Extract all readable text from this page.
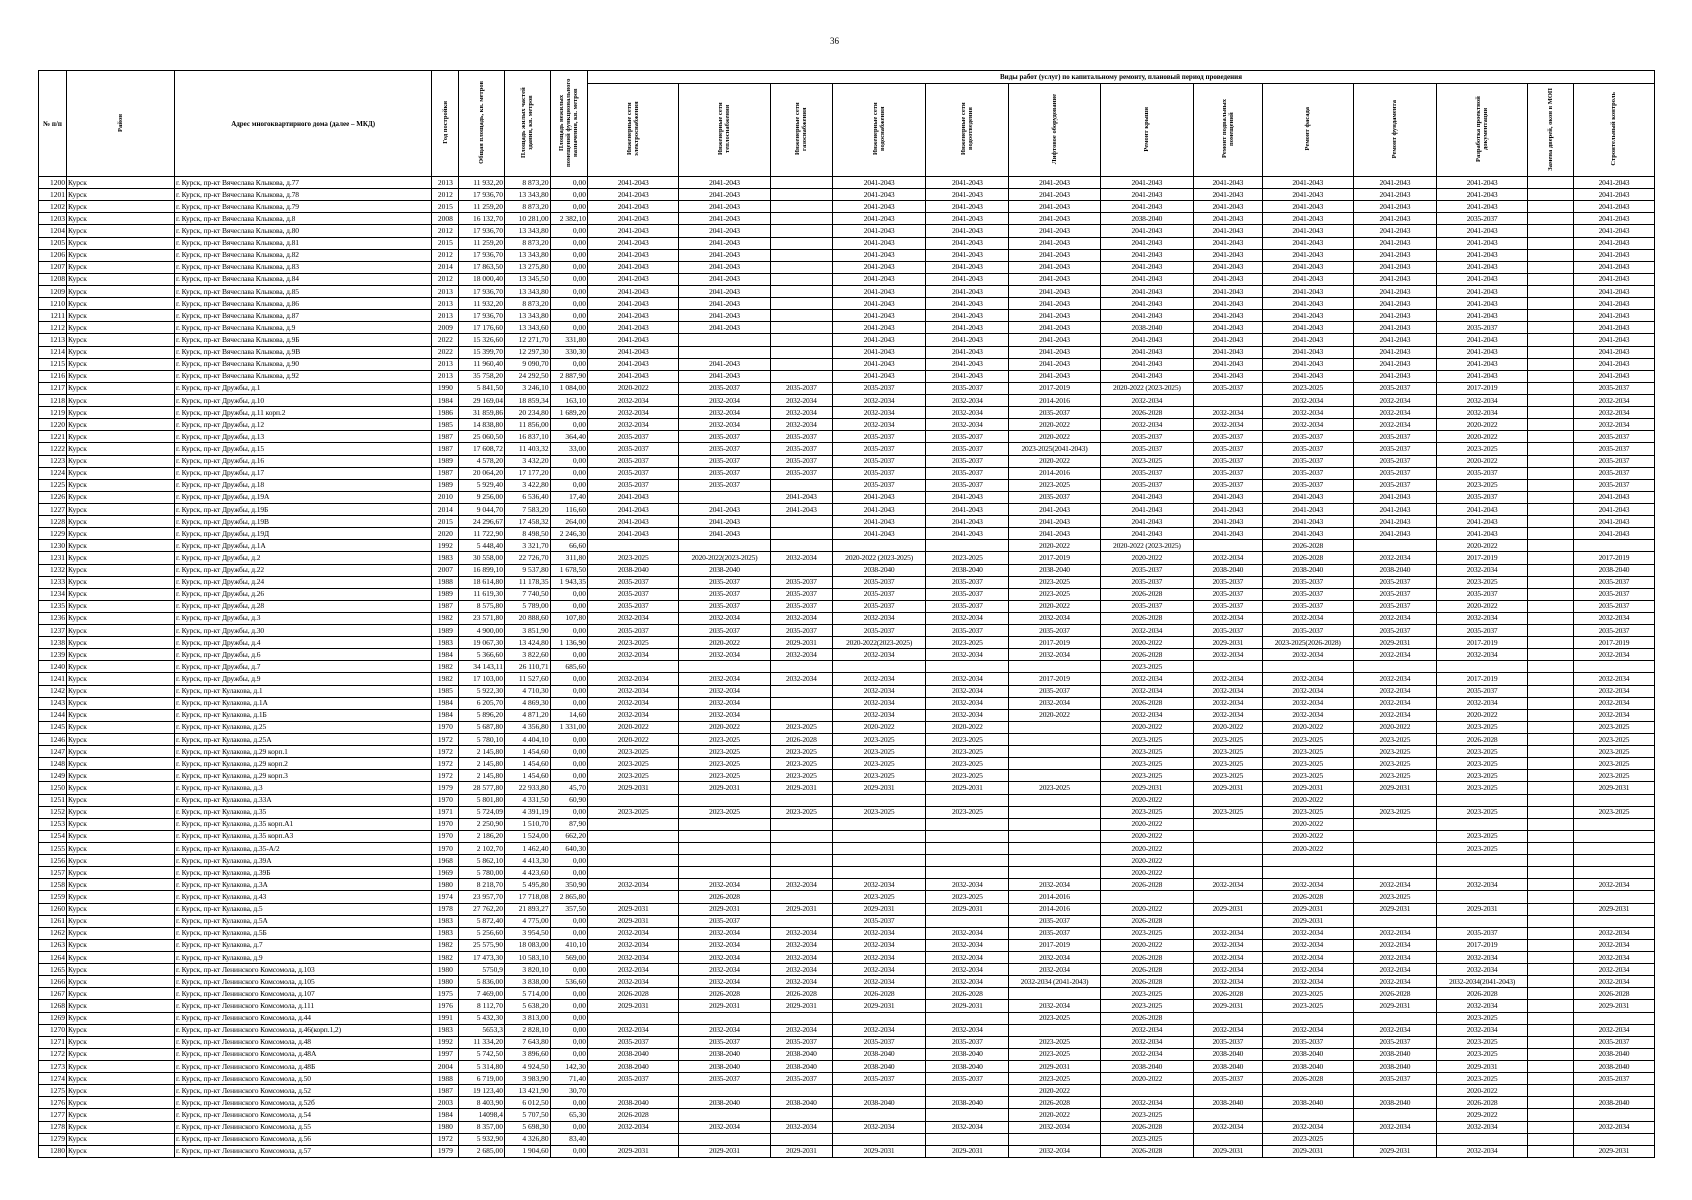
36
№ п/п	Район	Адрес многоквартирного дома (далее – МКД)	Год постройки	Общая площадь, кв. метров	Площадь жилых частей здания, кв. метров	Площадь нежилых помещений функционального назначения, кв. метров	Виды работ (услуг) по капитальному ремонту, плановый период проведения												
							Инженерные сети электроснабжения	Инженерные сети теплоснабжения	Инженерные сети газоснабжения	Инженерные сети водоснабжения	Инженерные сети водоотведения	Лифтовое оборудование	Ремонт крыши	Ремонт подвальных помещений	Ремонт фасада	Ремонт фундамента	Разработка проектной документации	Замена дверей, окон в МОП	Строительный контроль
1200	Курск	г. Курск, пр-кт Вячеслава Клыкова, д.77	2013	11 932,20	8 873,20	0,00	2041-2043	2041-2043		2041-2043	2041-2043	2041-2043	2041-2043	2041-2043	2041-2043	2041-2043	2041-2043		2041-2043
1201	Курск	г. Курск, пр-кт Вячеслава Клыкова, д.78	2012	17 936,70	13 343,80	0,00	2041-2043	2041-2043		2041-2043	2041-2043	2041-2043	2041-2043	2041-2043	2041-2043	2041-2043	2041-2043		2041-2043
1202	Курск	г. Курск, пр-кт Вячеслава Клыкова, д.79	2015	11 259,20	8 873,20	0,00	2041-2043	2041-2043		2041-2043	2041-2043	2041-2043	2041-2043	2041-2043	2041-2043	2041-2043	2041-2043		2041-2043
1203	Курск	г. Курск, пр-кт Вячеслава Клыкова, д.8	2008	16 132,70	10 281,00	2 382,10	2041-2043	2041-2043		2041-2043	2041-2043	2041-2043	2038-2040	2041-2043	2041-2043	2041-2043	2035-2037		2041-2043
1204	Курск	г. Курск, пр-кт Вячеслава Клыкова, д.80	2012	17 936,70	13 343,80	0,00	2041-2043	2041-2043		2041-2043	2041-2043	2041-2043	2041-2043	2041-2043	2041-2043	2041-2043	2041-2043		2041-2043
1205	Курск	г. Курск, пр-кт Вячеслава Клыкова, д.81	2015	11 259,20	8 873,20	0,00	2041-2043	2041-2043		2041-2043	2041-2043	2041-2043	2041-2043	2041-2043	2041-2043	2041-2043	2041-2043		2041-2043
1206	Курск	г. Курск, пр-кт Вячеслава Клыкова, д.82	2012	17 936,70	13 343,80	0,00	2041-2043	2041-2043		2041-2043	2041-2043	2041-2043	2041-2043	2041-2043	2041-2043	2041-2043	2041-2043		2041-2043
1207	Курск	г. Курск, пр-кт Вячеслава Клыкова, д.83	2014	17 863,50	13 275,80	0,00	2041-2043	2041-2043		2041-2043	2041-2043	2041-2043	2041-2043	2041-2043	2041-2043	2041-2043	2041-2043		2041-2043
1208	Курск	г. Курск, пр-кт Вячеслава Клыкова, д.84	2012	18 000,40	13 345,50	0,00	2041-2043	2041-2043		2041-2043	2041-2043	2041-2043	2041-2043	2041-2043	2041-2043	2041-2043	2041-2043		2041-2043
1209	Курск	г. Курск, пр-кт Вячеслава Клыкова, д.85	2013	17 936,70	13 343,80	0,00	2041-2043	2041-2043		2041-2043	2041-2043	2041-2043	2041-2043	2041-2043	2041-2043	2041-2043	2041-2043		2041-2043
1210	Курск	г. Курск, пр-кт Вячеслава Клыкова, д.86	2013	11 932,20	8 873,20	0,00	2041-2043	2041-2043		2041-2043	2041-2043	2041-2043	2041-2043	2041-2043	2041-2043	2041-2043	2041-2043		2041-2043
1211	Курск	г. Курск, пр-кт Вячеслава Клыкова, д.87	2013	17 936,70	13 343,80	0,00	2041-2043	2041-2043		2041-2043	2041-2043	2041-2043	2041-2043	2041-2043	2041-2043	2041-2043	2041-2043		2041-2043
1212	Курск	г. Курск, пр-кт Вячеслава Клыкова, д.9	2009	17 176,60	13 343,60	0,00	2041-2043	2041-2043		2041-2043	2041-2043	2041-2043	2038-2040	2041-2043	2041-2043	2041-2043	2035-2037		2041-2043
1213	Курск	г. Курск, пр-кт Вячеслава Клыкова, д.9Б	2022	15 326,60	12 271,70	331,80	2041-2043			2041-2043	2041-2043	2041-2043	2041-2043	2041-2043	2041-2043	2041-2043	2041-2043		2041-2043
1214	Курск	г. Курск, пр-кт Вячеслава Клыкова, д.9В	2022	15 399,70	12 297,30	330,30	2041-2043			2041-2043	2041-2043	2041-2043	2041-2043	2041-2043	2041-2043	2041-2043	2041-2043		2041-2043
1215	Курск	г. Курск, пр-кт Вячеслава Клыкова, д.90	2013	11 960,40	9 090,70	0,00	2041-2043	2041-2043		2041-2043	2041-2043	2041-2043	2041-2043	2041-2043	2041-2043	2041-2043	2041-2043		2041-2043
1216	Курск	г. Курск, пр-кт Вячеслава Клыкова, д.92	2013	35 758,20	24 292,50	2 887,90	2041-2043	2041-2043		2041-2043	2041-2043	2041-2043	2041-2043	2041-2043	2041-2043	2041-2043	2041-2043		2041-2043
1217	Курск	г. Курск, пр-кт Дружбы, д.1	1990	5 841,50	3 246,10	1 084,00	2020-2022	2035-2037	2035-2037	2035-2037	2035-2037	2017-2019	2020-2022 (2023-2025)	2035-2037	2023-2025	2035-2037	2017-2019		2035-2037
1218	Курск	г. Курск, пр-кт Дружбы, д.10	1984	29 169,04	18 859,34	163,10	2032-2034	2032-2034	2032-2034	2032-2034	2032-2034	2014-2016	2032-2034		2032-2034	2032-2034	2032-2034		2032-2034
1219	Курск	г. Курск, пр-кт Дружбы, д.11 корп.2	1986	31 859,86	20 234,80	1 689,20	2032-2034	2032-2034	2032-2034	2032-2034	2032-2034	2035-2037	2026-2028	2032-2034	2032-2034	2032-2034	2032-2034		2032-2034
1220	Курск	г. Курск, пр-кт Дружбы, д.12	1985	14 838,80	11 856,00	0,00	2032-2034	2032-2034	2032-2034	2032-2034	2032-2034	2020-2022	2032-2034	2032-2034	2032-2034	2032-2034	2020-2022		2032-2034
1221	Курск	г. Курск, пр-кт Дружбы, д.13	1987	25 060,50	16 837,10	364,40	2035-2037	2035-2037	2035-2037	2035-2037	2035-2037	2020-2022	2035-2037	2035-2037	2035-2037	2035-2037	2020-2022		2035-2037
1222	Курск	г. Курск, пр-кт Дружбы, д.15	1987	17 608,72	11 403,32	33,00	2035-2037	2035-2037	2035-2037	2035-2037	2035-2037	2023-2025(2041-2043)	2035-2037	2035-2037	2035-2037	2035-2037	2023-2025		2035-2037
1223	Курск	г. Курск, пр-кт Дружбы, д.16	1989	4 578,20	3 432,20	0,00	2035-2037	2035-2037	2035-2037	2035-2037	2035-2037	2020-2022	2023-2025	2035-2037	2035-2037	2035-2037	2020-2022		2035-2037
1224	Курск	г. Курск, пр-кт Дружбы, д.17	1987	20 064,20	17 177,20	0,00	2035-2037	2035-2037	2035-2037	2035-2037	2035-2037	2014-2016	2035-2037	2035-2037	2035-2037	2035-2037	2035-2037		2035-2037
1225	Курск	г. Курск, пр-кт Дружбы, д.18	1989	5 929,40	3 422,80	0,00	2035-2037	2035-2037		2035-2037	2035-2037	2023-2025	2035-2037	2035-2037	2035-2037	2035-2037	2023-2025		2035-2037
1226	Курск	г. Курск, пр-кт Дружбы, д.19А	2010	9 256,00	6 536,40	17,40	2041-2043		2041-2043	2041-2043	2041-2043	2035-2037	2041-2043	2041-2043	2041-2043	2041-2043	2035-2037		2041-2043
1227	Курск	г. Курск, пр-кт Дружбы, д.19Б	2014	9 044,70	7 583,20	116,60	2041-2043	2041-2043	2041-2043	2041-2043	2041-2043	2041-2043	2041-2043	2041-2043	2041-2043	2041-2043	2041-2043		2041-2043
1228	Курск	г. Курск, пр-кт Дружбы, д.19В	2015	24 296,67	17 458,32	264,00	2041-2043	2041-2043		2041-2043	2041-2043	2041-2043	2041-2043	2041-2043	2041-2043	2041-2043	2041-2043		2041-2043
1229	Курск	г. Курск, пр-кт Дружбы, д.19Д	2020	11 722,90	8 498,50	2 246,30	2041-2043	2041-2043		2041-2043	2041-2043	2041-2043	2041-2043	2041-2043	2041-2043	2041-2043	2041-2043		2041-2043
1230	Курск	г. Курск, пр-кт Дружбы, д.1А	1992	5 448,40	3 321,70	66,60						2020-2022	2020-2022 (2023-2025)		2026-2028		2020-2022		
1231	Курск	г. Курск, пр-кт Дружбы, д.2	1983	30 558,00	22 726,70	311,80	2023-2025	2020-2022(2023-2025)	2032-2034	2020-2022 (2023-2025)	2023-2025	2017-2019	2020-2022	2032-2034	2026-2028	2032-2034	2017-2019		2017-2019
1232	Курск	г. Курск, пр-кт Дружбы, д.22	2007	16 899,10	9 537,80	1 678,50	2038-2040	2038-2040		2038-2040	2038-2040	2038-2040	2035-2037	2038-2040	2038-2040	2038-2040	2032-2034		2038-2040
1233	Курск	г. Курск, пр-кт Дружбы, д.24	1988	18 614,80	11 178,35	1 943,35	2035-2037	2035-2037	2035-2037	2035-2037	2035-2037	2023-2025	2035-2037	2035-2037	2035-2037	2035-2037	2023-2025		2035-2037
1234	Курск	г. Курск, пр-кт Дружбы, д.26	1989	11 619,30	7 740,50	0,00	2035-2037	2035-2037	2035-2037	2035-2037	2035-2037	2023-2025	2026-2028	2035-2037	2035-2037	2035-2037	2035-2037		2035-2037
1235	Курск	г. Курск, пр-кт Дружбы, д.28	1987	8 575,80	5 789,00	0,00	2035-2037	2035-2037	2035-2037	2035-2037	2035-2037	2020-2022	2035-2037	2035-2037	2035-2037	2035-2037	2020-2022		2035-2037
1236	Курск	г. Курск, пр-кт Дружбы, д.3	1982	23 571,80	20 888,60	107,80	2032-2034	2032-2034	2032-2034	2032-2034	2032-2034	2032-2034	2026-2028	2032-2034	2032-2034	2032-2034	2032-2034		2032-2034
1237	Курск	г. Курск, пр-кт Дружбы, д.30	1989	4 900,00	3 851,90	0,00	2035-2037	2035-2037	2035-2037	2035-2037	2035-2037	2035-2037	2032-2034	2035-2037	2035-2037	2035-2037	2035-2037		2035-2037
1238	Курск	г. Курск, пр-кт Дружбы, д.4	1983	19 067,30	13 424,80	1 136,90	2023-2025	2020-2022	2029-2031	2020-2022(2023-2025)	2023-2025	2017-2019	2020-2022	2029-2031	2023-2025(2026-2028)	2029-2031	2017-2019		2017-2019
1239	Курск	г. Курск, пр-кт Дружбы, д.6	1984	5 366,60	3 822,60	0,00	2032-2034	2032-2034	2032-2034	2032-2034	2032-2034	2032-2034	2026-2028	2032-2034	2032-2034	2032-2034	2032-2034		2032-2034
1240	Курск	г. Курск, пр-кт Дружбы, д.7	1982	34 143,11	26 110,71	685,60							2023-2025						
1241	Курск	г. Курск, пр-кт Дружбы, д.9	1982	17 103,00	11 527,60	0,00	2032-2034	2032-2034	2032-2034	2032-2034	2032-2034	2017-2019	2032-2034	2032-2034	2032-2034	2032-2034	2017-2019		2032-2034
1242	Курск	г. Курск, пр-кт Кулакова, д.1	1985	5 922,30	4 710,30	0,00	2032-2034	2032-2034		2032-2034	2032-2034	2035-2037	2032-2034	2032-2034	2032-2034	2032-2034	2035-2037		2032-2034
1243	Курск	г. Курск, пр-кт Кулакова, д.1А	1984	6 205,70	4 869,30	0,00	2032-2034	2032-2034		2032-2034	2032-2034	2032-2034	2026-2028	2032-2034	2032-2034	2032-2034	2032-2034		2032-2034
1244	Курск	г. Курск, пр-кт Кулакова, д.1Б	1984	5 896,20	4 871,20	14,60	2032-2034	2032-2034		2032-2034	2032-2034	2020-2022	2032-2034	2032-2034	2032-2034	2032-2034	2020-2022		2032-2034
1245	Курск	г. Курск, пр-кт Кулакова, д.25	1970	5 687,80	4 356,80	1 331,00	2020-2022	2020-2022	2023-2025	2020-2022	2020-2022		2020-2022	2020-2022	2020-2022	2020-2022	2023-2025		2023-2025
1246	Курск	г. Курск, пр-кт Кулакова, д.25А	1972	5 780,10	4 404,10	0,00	2020-2022	2023-2025	2026-2028	2023-2025	2023-2025		2023-2025	2023-2025	2023-2025	2023-2025	2026-2028		2023-2025
1247	Курск	г. Курск, пр-кт Кулакова, д.29 корп.1	1972	2 145,80	1 454,60	0,00	2023-2025	2023-2025	2023-2025	2023-2025	2023-2025		2023-2025	2023-2025	2023-2025	2023-2025	2023-2025		2023-2025
1248	Курск	г. Курск, пр-кт Кулакова, д.29 корп.2	1972	2 145,80	1 454,60	0,00	2023-2025	2023-2025	2023-2025	2023-2025	2023-2025		2023-2025	2023-2025	2023-2025	2023-2025	2023-2025		2023-2025
1249	Курск	г. Курск, пр-кт Кулакова, д.29 корп.3	1972	2 145,80	1 454,60	0,00	2023-2025	2023-2025	2023-2025	2023-2025	2023-2025		2023-2025	2023-2025	2023-2025	2023-2025	2023-2025		2023-2025
1250	Курск	г. Курск, пр-кт Кулакова, д.3	1979	28 577,80	22 933,80	45,70	2029-2031	2029-2031	2029-2031	2029-2031	2029-2031	2023-2025	2029-2031	2029-2031	2029-2031	2029-2031	2023-2025		2029-2031
1251	Курск	г. Курск, пр-кт Кулакова, д.33А	1970	5 801,80	4 331,50	60,90							2020-2022		2020-2022				
1252	Курск	г. Курск, пр-кт Кулакова, д.35	1971	5 724,09	4 391,19	0,00	2023-2025	2023-2025	2023-2025	2023-2025	2023-2025		2023-2025	2023-2025	2023-2025	2023-2025	2023-2025		2023-2025
1253	Курск	г. Курск, пр-кт Кулакова, д.35 корп.А1	1970	2 250,90	1 510,70	87,90							2020-2022		2020-2022				
1254	Курск	г. Курск, пр-кт Кулакова, д.35 корп.А3	1970	2 186,20	1 524,00	662,20							2020-2022		2020-2022		2023-2025		
1255	Курск	г. Курск, пр-кт Кулакова, д.35-А/2	1970	2 102,70	1 462,40	640,30							2020-2022		2020-2022		2023-2025		
1256	Курск	г. Курск, пр-кт Кулакова, д.39А	1968	5 862,10	4 413,30	0,00							2020-2022						
1257	Курск	г. Курск, пр-кт Кулакова, д.39Б	1969	5 780,00	4 423,60	0,00							2020-2022						
1258	Курск	г. Курск, пр-кт Кулакова, д.3А	1980	8 218,70	5 495,80	350,90	2032-2034	2032-2034	2032-2034	2032-2034	2032-2034	2032-2034	2026-2028	2032-2034	2032-2034	2032-2034	2032-2034		2032-2034
1259	Курск	г. Курск, пр-кт Кулакова, д.43	1974	23 957,70	17 718,08	2 865,80		2026-2028		2023-2025	2023-2025	2014-2016			2026-2028	2023-2025			
1260	Курск	г. Курск, пр-кт Кулакова, д.5	1978	27 762,20	21 893,27	357,50	2029-2031	2029-2031	2029-2031	2029-2031	2029-2031	2014-2016	2020-2022	2029-2031	2029-2031	2029-2031	2029-2031		2029-2031
1261	Курск	г. Курск, пр-кт Кулакова, д.5А	1983	5 872,40	4 775,00	0,00	2029-2031	2035-2037		2035-2037		2035-2037	2026-2028		2029-2031				
1262	Курск	г. Курск, пр-кт Кулакова, д.5Б	1983	5 256,60	3 954,50	0,00	2032-2034	2032-2034	2032-2034	2032-2034	2032-2034	2035-2037	2023-2025	2032-2034	2032-2034	2032-2034	2035-2037		2032-2034
1263	Курск	г. Курск, пр-кт Кулакова, д.7	1982	25 575,90	18 083,00	410,10	2032-2034	2032-2034	2032-2034	2032-2034	2032-2034	2017-2019	2020-2022	2032-2034	2032-2034	2032-2034	2017-2019		2032-2034
1264	Курск	г. Курск, пр-кт Кулакова, д.9	1982	17 473,30	10 583,10	569,00	2032-2034	2032-2034	2032-2034	2032-2034	2032-2034	2032-2034	2026-2028	2032-2034	2032-2034	2032-2034	2032-2034		2032-2034
1265	Курск	г. Курск, пр-кт Ленинского Комсомола, д.103	1980	5750,9	3 820,10	0,00	2032-2034	2032-2034	2032-2034	2032-2034	2032-2034	2032-2034	2026-2028	2032-2034	2032-2034	2032-2034	2032-2034		2032-2034
1266	Курск	г. Курск, пр-кт Ленинского Комсомола, д.105	1980	5 836,00	3 838,00	536,60	2032-2034	2032-2034	2032-2034	2032-2034	2032-2034	2032-2034 (2041-2043)	2026-2028	2032-2034	2032-2034	2032-2034	2032-2034(2041-2043)		2032-2034
1267	Курск	г. Курск, пр-кт Ленинского Комсомола, д.107	1975	7 469,00	5 714,00	0,00	2026-2028	2026-2028	2026-2028	2026-2028	2026-2028		2023-2025	2026-2028	2023-2025	2026-2028	2026-2028		2026-2028
1268	Курск	г. Курск, пр-кт Ленинского Комсомола, д.111	1976	8 112,70	5 638,20	0,00	2029-2031	2029-2031	2029-2031	2029-2031	2029-2031	2032-2034	2023-2025	2029-2031	2023-2025	2029-2031	2032-2034		2029-2031
1269	Курск	г. Курск, пр-кт Ленинского Комсомола, д.44	1991	5 432,30	3 813,00	0,00						2023-2025	2026-2028				2023-2025		
1270	Курск	г. Курск, пр-кт Ленинского Комсомола, д.46(корп.1,2)	1983	5653,3	2 828,10	0,00	2032-2034	2032-2034	2032-2034	2032-2034	2032-2034		2032-2034	2032-2034	2032-2034	2032-2034	2032-2034		2032-2034
1271	Курск	г. Курск, пр-кт Ленинского Комсомола, д.48	1992	11 334,20	7 643,80	0,00	2035-2037	2035-2037	2035-2037	2035-2037	2035-2037	2023-2025	2032-2034	2035-2037	2035-2037	2035-2037	2023-2025		2035-2037
1272	Курск	г. Курск, пр-кт Ленинского Комсомола, д.48А	1997	5 742,50	3 896,60	0,00	2038-2040	2038-2040	2038-2040	2038-2040	2038-2040	2023-2025	2032-2034	2038-2040	2038-2040	2038-2040	2023-2025		2038-2040
1273	Курск	г. Курск, пр-кт Ленинского Комсомола, д.48Б	2004	5 314,80	4 924,50	142,30	2038-2040	2038-2040	2038-2040	2038-2040	2038-2040	2029-2031	2038-2040	2038-2040	2038-2040	2038-2040	2029-2031		2038-2040
1274	Курск	г. Курск, пр-кт Ленинского Комсомола, д.50	1988	6 719,00	3 983,90	71,40	2035-2037	2035-2037	2035-2037	2035-2037	2035-2037	2023-2025	2020-2022	2035-2037	2026-2028	2035-2037	2023-2025		2035-2037
1275	Курск	г. Курск, пр-кт Ленинского Комсомола, д.52	1987	19 123,40	13 421,90	30,70						2020-2022					2020-2022		
1276	Курск	г. Курск, пр-кт Ленинского Комсомола, д.52б	2003	8 403,90	6 012,50	0,00	2038-2040	2038-2040	2038-2040	2038-2040	2038-2040	2026-2028	2032-2034	2038-2040	2038-2040	2038-2040	2026-2028		2038-2040
1277	Курск	г. Курск, пр-кт Ленинского Комсомола, д.54	1984	14098,4	5 707,50	65,30	2026-2028					2020-2022	2023-2025				2029-2022		
1278	Курск	г. Курск, пр-кт Ленинского Комсомола, д.55	1980	8 357,00	5 698,30	0,00	2032-2034	2032-2034	2032-2034	2032-2034	2032-2034	2032-2034	2026-2028	2032-2034	2032-2034	2032-2034	2032-2034		2032-2034
1279	Курск	г. Курск, пр-кт Ленинского Комсомола, д.56	1972	5 932,90	4 326,80	83,40							2023-2025		2023-2025				
1280	Курск	г. Курск, пр-кт Ленинского Комсомола, д.57	1979	2 685,00	1 904,60	0,00	2029-2031	2029-2031	2029-2031	2029-2031	2029-2031	2032-2034	2026-2028	2029-2031	2029-2031	2029-2031	2032-2034		2029-2031
